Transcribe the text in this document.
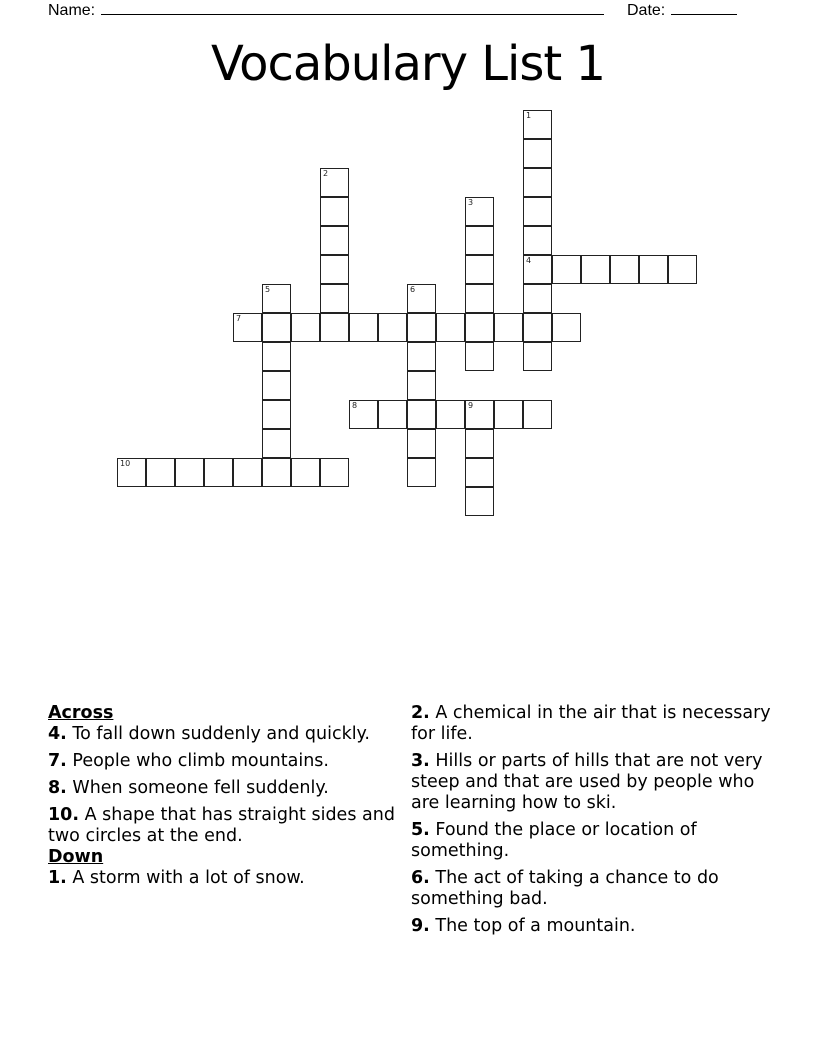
Name:	Date:
Vocabulary List 1
1
4
2
3
5	6
7
8	9
10

Across

4. To fall down suddenly and quickly.

7. People who climb mountains.

8. When someone fell suddenly.

10. A shape that has straight sides and two circles at the end.

Down

1. A storm with a lot of snow.

2. A chemical in the air that is necessary for life.

3. Hills or parts of hills that are not very steep and that are used by people who are learning how to ski.

5. Found the place or location of something.

6. The act of taking a chance to do something bad.

9. The top of a mountain.
